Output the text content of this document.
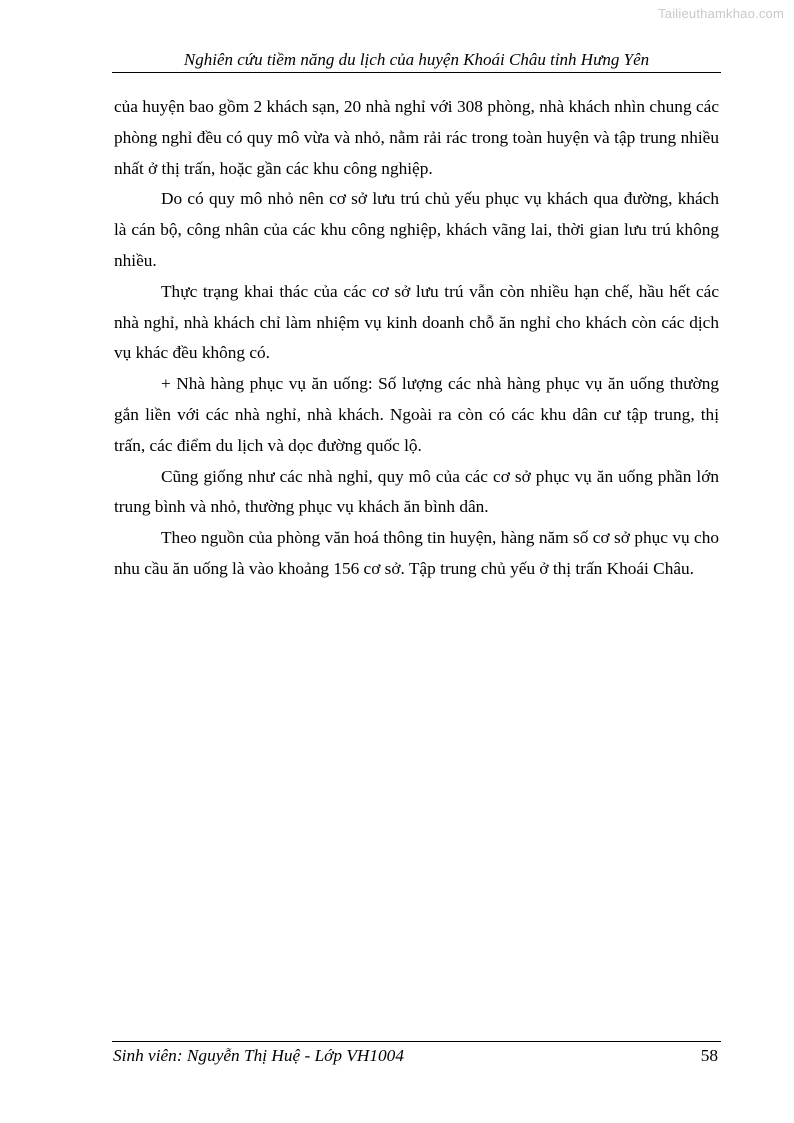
Tailieuthamkhao.com
Nghiên cứu tiềm năng du lịch của huyện Khoái Châu tỉnh Hưng Yên

của huyện bao gồm 2 khách sạn, 20 nhà nghỉ với 308 phòng, nhà khách nhìn chung các phòng nghỉ đều có quy mô vừa và nhỏ, nằm rải rác trong toàn huyện và tập trung nhiều nhất ở thị trấn, hoặc gần các khu công nghiệp.

Do có quy mô nhỏ nên cơ sở lưu trú chủ yếu phục vụ khách qua đường, khách là cán bộ, công nhân của các khu công nghiệp, khách vãng lai, thời gian lưu trú không nhiều.

Thực trạng khai thác của các cơ sở lưu trú vẫn còn nhiều hạn chế, hầu hết các nhà nghỉ, nhà khách chỉ làm nhiệm vụ kinh doanh chỗ ăn nghỉ cho khách còn các dịch vụ khác đều không có.

+ Nhà hàng phục vụ ăn uống: Số lượng các nhà hàng phục vụ ăn uống thường gắn liền với các nhà nghỉ, nhà khách. Ngoài ra còn có các khu dân cư tập trung, thị trấn, các điểm du lịch và dọc đường quốc lộ.

Cũng giống như các nhà nghỉ, quy mô của các cơ sở phục vụ ăn uống phần lớn trung bình và nhỏ, thường phục vụ khách ăn bình dân.

Theo nguồn của phòng văn hoá thông tin huyện, hàng năm số cơ sở phục vụ cho nhu cầu ăn uống là vào khoảng 156 cơ sở. Tập trung chủ yếu ở thị trấn Khoái Châu.

Sinh viên: Nguyễn Thị Huệ - Lớp VH1004	58
